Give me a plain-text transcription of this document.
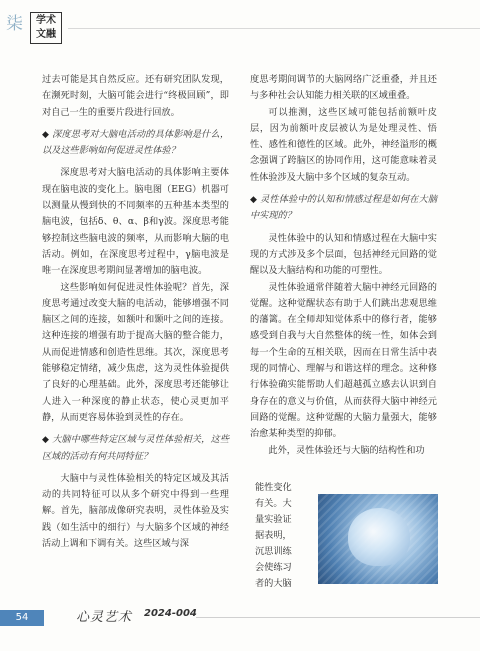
柒	学术
文融

过去可能是其自然反应。还有研究团队发现，在濒死时刻，大脑可能会进行“终极回顾”，即对自己一生的重要片段进行回放。

◆ 深度思考对大脑电活动的具体影响是什么，以及这些影响如何促进灵性体验？

深度思考对大脑电活动的具体影响主要体现在脑电波的变化上。脑电图（EEG）机器可以测量从慢到快的不同频率的五种基本类型的脑电波，包括δ、θ、α、β和γ波。深度思考能够控制这些脑电波的频率，从而影响大脑的电活动。例如，在深度思考过程中，γ脑电波是唯一在深度思考期间显著增加的脑电波。

这些影响如何促进灵性体验呢？首先，深度思考通过改变大脑的电活动，能够增强不同脑区之间的连接，如额叶和颞叶之间的连接。这种连接的增强有助于提高大脑的整合能力，从而促进情感和创造性思维。其次，深度思考能够稳定情绪，减少焦虑，这为灵性体验提供了良好的心理基础。此外，深度思考还能够让人进入一种深度的静止状态，使心灵更加平静，从而更容易体验到灵性的存在。

◆ 大脑中哪些特定区域与灵性体验相关，这些区域的活动有何共同特征？

大脑中与灵性体验相关的特定区域及其活动的共同特征可以从多个研究中得到一些理解。首先，脑部成像研究表明，灵性体验及实践（如生活中的细行）与大脑多个区域的神经活动上调和下调有关。这些区域与深

度思考期间调节的大脑网络广泛重叠，并且还与多种社会认知能力相关联的区域重叠。

可以推测，这些区域可能包括前额叶皮层，因为前额叶皮层被认为是处理灵性、悟性、感性和德性的区域。此外，神经溢形的概念强调了跨脑区的协同作用，这可能意味着灵性体验涉及大脑中多个区域的复杂互动。

◆ 灵性体验中的认知和情感过程是如何在大脑中实现的？

灵性体验中的认知和情感过程在大脑中实现的方式涉及多个层面，包括神经元回路的觉醒以及大脑结构和功能的可塑性。

灵性体验通常伴随着大脑中神经元回路的觉醒。这种觉醒状态有助于人们跳出悲观思维的藩篱。在全师却知觉体系中的修行者，能够感受到自我与大自然整体的统一性，如体会到每一个生命的互相关联，因而在日常生活中表现的同情心、理解与和谐这样的理念。这种修行体验确实能帮助人们超越孤立感去认识到自身存在的意义与价值，从而获得大脑中神经元回路的觉醒。这种觉醒的大脑力量强大，能够治愈某种类型的抑郁。

此外，灵性体验还与大脑的结构性和功

能性变化
有关。大
量实验证
据表明，
沉思训练
会使练习
者的大脑
54	心灵艺术 2024-004
